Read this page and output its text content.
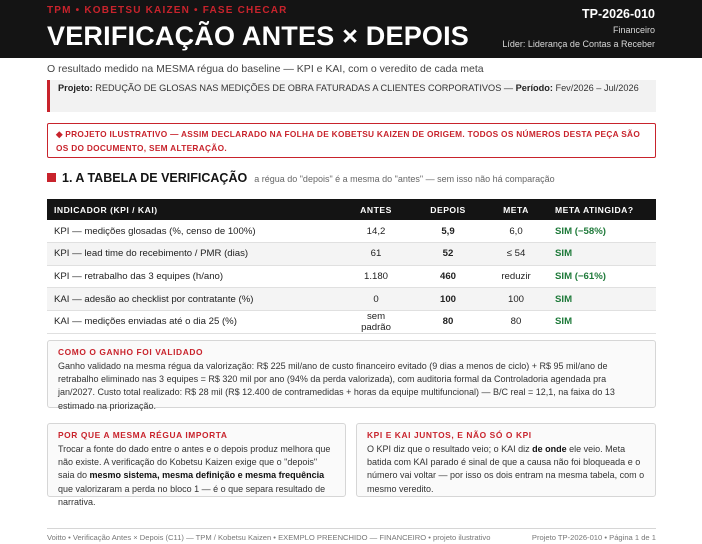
TPM • KOBETSU KAIZEN • FASE CHECAR
VERIFICAÇÃO ANTES × DEPOIS
TP-2026-010
Financeiro
Líder: Liderança de Contas a Receber
O resultado medido na MESMA régua do baseline — KPI e KAI, com o veredito de cada meta
Projeto: REDUÇÃO DE GLOSAS NAS MEDIÇÕES DE OBRA FATURADAS A CLIENTES CORPORATIVOS — Período: Fev/2026 – Jul/2026
◆ PROJETO ILUSTRATIVO — ASSIM DECLARADO NA FOLHA DE KOBETSU KAIZEN DE ORIGEM. TODOS OS NÚMEROS DESTA PEÇA SÃO OS DO DOCUMENTO, SEM ALTERAÇÃO.
1. A TABELA DE VERIFICAÇÃO a régua do "depois" é a mesma do "antes" — sem isso não há comparação
INDICADOR (KPI / KAI)	ANTES	DEPOIS	META	META ATINGIDA?
KPI — medições glosadas (%, censo de 100%)	14,2	5,9	6,0	SIM (−58%)
KPI — lead time do recebimento / PMR (dias)	61	52	≤ 54	SIM
KPI — retrabalho das 3 equipes (h/ano)	1.180	460	reduzir	SIM (−61%)
KAI — adesão ao checklist por contratante (%)	0	100	100	SIM
KAI — medições enviadas até o dia 25 (%)	sem padrão	80	80	SIM
COMO O GANHO FOI VALIDADO
Ganho validado na mesma régua da valorização: R$ 225 mil/ano de custo financeiro evitado (9 dias a menos de ciclo) + R$ 95 mil/ano de retrabalho eliminado nas 3 equipes = R$ 320 mil por ano (94% da perda valorizada), com auditoria formal da Controladoria agendada pra jan/2027. Custo total realizado: R$ 28 mil (R$ 12.400 de contramedidas + horas da equipe multifuncional) — B/C real = 12,1, na faixa do 13 estimado na priorização.
POR QUE A MESMA RÉGUA IMPORTA
Trocar a fonte do dado entre o antes e o depois produz melhora que não existe. A verificação do Kobetsu Kaizen exige que o "depois" saia do mesmo sistema, mesma definição e mesma frequência que valorizaram a perda no bloco 1 — é o que separa resultado de narrativa.
KPI E KAI JUNTOS, E NÃO SÓ O KPI
O KPI diz que o resultado veio; o KAI diz de onde ele veio. Meta batida com KAI parado é sinal de que a causa não foi bloqueada e o número vai voltar — por isso os dois entram na mesma tabela, com o mesmo veredito.
Voitto • Verificação Antes × Depois (C11) — TPM / Kobetsu Kaizen • EXEMPLO PREENCHIDO — FINANCEIRO • projeto ilustrativo	Projeto TP-2026-010 • Página 1 de 1
